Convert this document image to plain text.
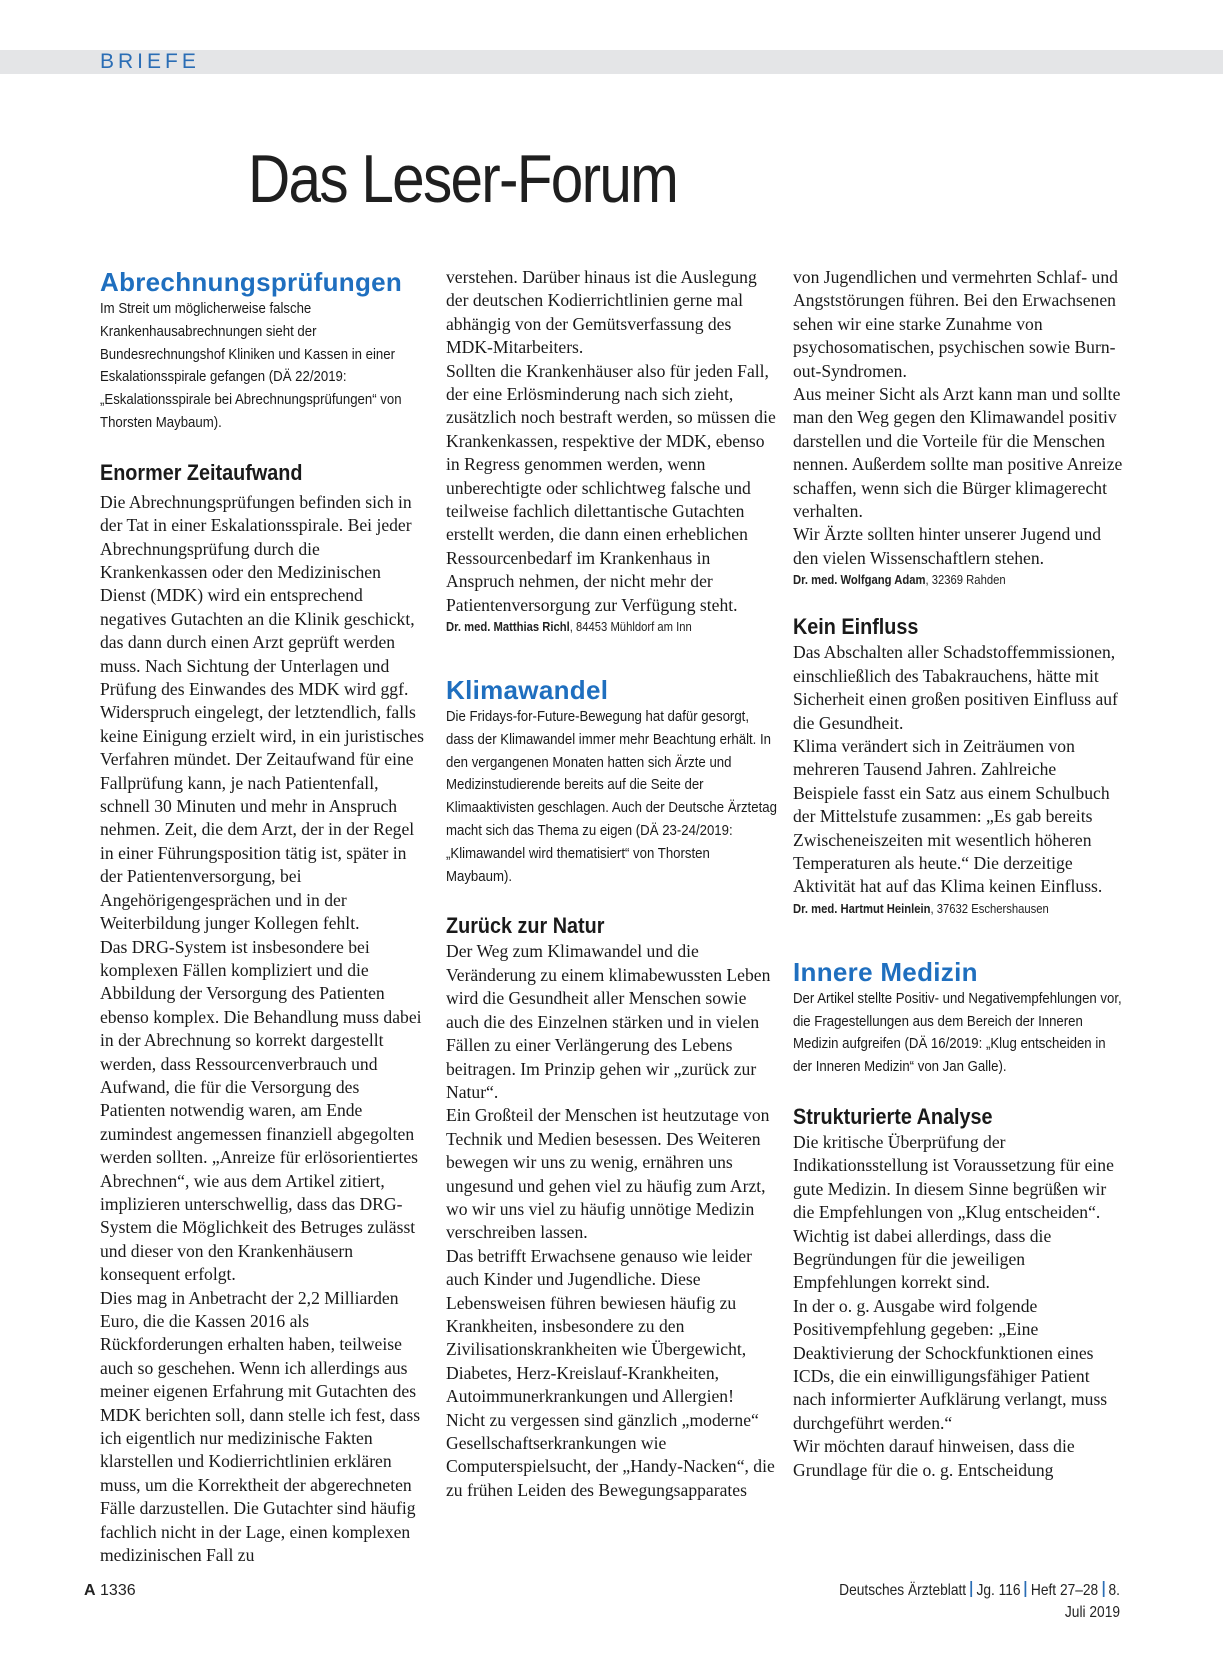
BRIEFE
Das Leser-Forum
Abrechnungsprüfungen

Im Streit um möglicherweise falsche Krankenhausabrechnungen sieht der Bundesrechnungshof Kliniken und Kassen in einer Eskalationsspirale gefangen (DÄ 22/2019: „Eskalationsspirale bei Abrechnungsprüfungen“ von Thorsten Maybaum).

Enormer Zeitaufwand

Die Abrechnungsprüfungen befinden sich in der Tat in einer Eskalationsspirale. Bei jeder Abrechnungsprüfung durch die Krankenkassen oder den Medizinischen Dienst (MDK) wird ein entsprechend negatives Gutachten an die Klinik geschickt, das dann durch einen Arzt geprüft werden muss. Nach Sichtung der Unterlagen und Prüfung des Einwandes des MDK wird ggf. Widerspruch eingelegt, der letztendlich, falls keine Einigung erzielt wird, in ein juristisches Verfahren mündet. Der Zeitaufwand für eine Fallprüfung kann, je nach Patientenfall, schnell 30 Minuten und mehr in Anspruch nehmen. Zeit, die dem Arzt, der in der Regel in einer Führungsposition tätig ist, später in der Patientenversorgung, bei Angehörigengesprächen und in der Weiterbildung junger Kollegen fehlt.

Das DRG-System ist insbesondere bei komplexen Fällen kompliziert und die Abbildung der Versorgung des Patienten ebenso komplex. Die Behandlung muss dabei in der Abrechnung so korrekt dargestellt werden, dass Ressourcenverbrauch und Aufwand, die für die Versorgung des Patienten notwendig waren, am Ende zumindest angemessen finanziell abgegolten werden sollten. „Anreize für erlösorientiertes Abrechnen“, wie aus dem Artikel zitiert, implizieren unterschwellig, dass das DRG-System die Möglichkeit des Betruges zulässt und dieser von den Krankenhäusern konsequent erfolgt.

Dies mag in Anbetracht der 2,2 Milliarden Euro, die die Kassen 2016 als Rückforderungen erhalten haben, teilweise auch so geschehen. Wenn ich allerdings aus meiner eigenen Erfahrung mit Gutachten des MDK berichten soll, dann stelle ich fest, dass ich eigentlich nur medizinische Fakten klarstellen und Kodierrichtlinien erklären muss, um die Korrektheit der abgerechneten Fälle darzustellen. Die Gutachter sind häufig fachlich nicht in der Lage, einen komplexen medizinischen Fall zu

verstehen. Darüber hinaus ist die Auslegung der deutschen Kodierrichtlinien gerne mal abhängig von der Gemütsverfassung des MDK-Mitarbeiters.

Sollten die Krankenhäuser also für jeden Fall, der eine Erlösminderung nach sich zieht, zusätzlich noch bestraft werden, so müssen die Krankenkassen, respektive der MDK, ebenso in Regress genommen werden, wenn unberechtigte oder schlichtweg falsche und teilweise fachlich dilettantische Gutachten erstellt werden, die dann einen erheblichen Ressourcenbedarf im Krankenhaus in Anspruch nehmen, der nicht mehr der Patientenversorgung zur Verfügung steht.

Dr. med. Matthias Richl, 84453 Mühldorf am Inn

Klimawandel

Die Fridays-for-Future-Bewegung hat dafür gesorgt, dass der Klimawandel immer mehr Beachtung erhält. In den vergangenen Monaten hatten sich Ärzte und Medizinstudierende bereits auf die Seite der Klimaaktivisten geschlagen. Auch der Deutsche Ärztetag macht sich das Thema zu eigen (DÄ 23-24/2019: „Klimawandel wird thematisiert“ von Thorsten Maybaum).

Zurück zur Natur

Der Weg zum Klimawandel und die Veränderung zu einem klimabewussten Leben wird die Gesundheit aller Menschen sowie auch die des Einzelnen stärken und in vielen Fällen zu einer Verlängerung des Lebens beitragen. Im Prinzip gehen wir „zurück zur Natur“.

Ein Großteil der Menschen ist heutzutage von Technik und Medien besessen. Des Weiteren bewegen wir uns zu wenig, ernähren uns ungesund und gehen viel zu häufig zum Arzt, wo wir uns viel zu häufig unnötige Medizin verschreiben lassen.

Das betrifft Erwachsene genauso wie leider auch Kinder und Jugendliche. Diese Lebensweisen führen bewiesen häufig zu Krankheiten, insbesondere zu den Zivilisationskrankheiten wie Übergewicht, Diabetes, Herz-Kreislauf-Krankheiten, Autoimmunerkrankungen und Allergien!

Nicht zu vergessen sind gänzlich „moderne“ Gesellschaftserkrankungen wie Computerspielsucht, der „Handy-Nacken“, die zu frühen Leiden des Bewegungsapparates

von Jugendlichen und vermehrten Schlaf- und Angststörungen führen. Bei den Erwachsenen sehen wir eine starke Zunahme von psychosomatischen, psychischen sowie Burn-out-Syndromen.

Aus meiner Sicht als Arzt kann man und sollte man den Weg gegen den Klimawandel positiv darstellen und die Vorteile für die Menschen nennen. Außerdem sollte man positive Anreize schaffen, wenn sich die Bürger klimagerecht verhalten.

Wir Ärzte sollten hinter unserer Jugend und den vielen Wissenschaftlern stehen.

Dr. med. Wolfgang Adam, 32369 Rahden

Kein Einfluss

Das Abschalten aller Schadstoffemmissionen, einschließlich des Tabakrauchens, hätte mit Sicherheit einen großen positiven Einfluss auf die Gesundheit.

Klima verändert sich in Zeiträumen von mehreren Tausend Jahren. Zahlreiche Beispiele fasst ein Satz aus einem Schulbuch der Mittelstufe zusammen: „Es gab bereits Zwischeneiszeiten mit wesentlich höheren Temperaturen als heute.“ Die derzeitige Aktivität hat auf das Klima keinen Einfluss.

Dr. med. Hartmut Heinlein, 37632 Eschershausen

Innere Medizin

Der Artikel stellte Positiv- und Negativempfehlungen vor, die Fragestellungen aus dem Bereich der Inneren Medizin aufgreifen (DÄ 16/2019: „Klug entscheiden in der Inneren Medizin“ von Jan Galle).

Strukturierte Analyse

Die kritische Überprüfung der Indikationsstellung ist Voraussetzung für eine gute Medizin. In diesem Sinne begrüßen wir die Empfehlungen von „Klug entscheiden“. Wichtig ist dabei allerdings, dass die Begründungen für die jeweiligen Empfehlungen korrekt sind.

In der o. g. Ausgabe wird folgende Positivempfehlung gegeben: „Eine Deaktivierung der Schockfunktionen eines ICDs, die ein einwilligungsfähiger Patient nach informierter Aufklärung verlangt, muss durchgeführt werden.“

Wir möchten darauf hinweisen, dass die Grundlage für die o. g. Entscheidung

A 1336	Deutsches Ärzteblatt Jg. 116 Heft 27–28 8. Juli 2019
